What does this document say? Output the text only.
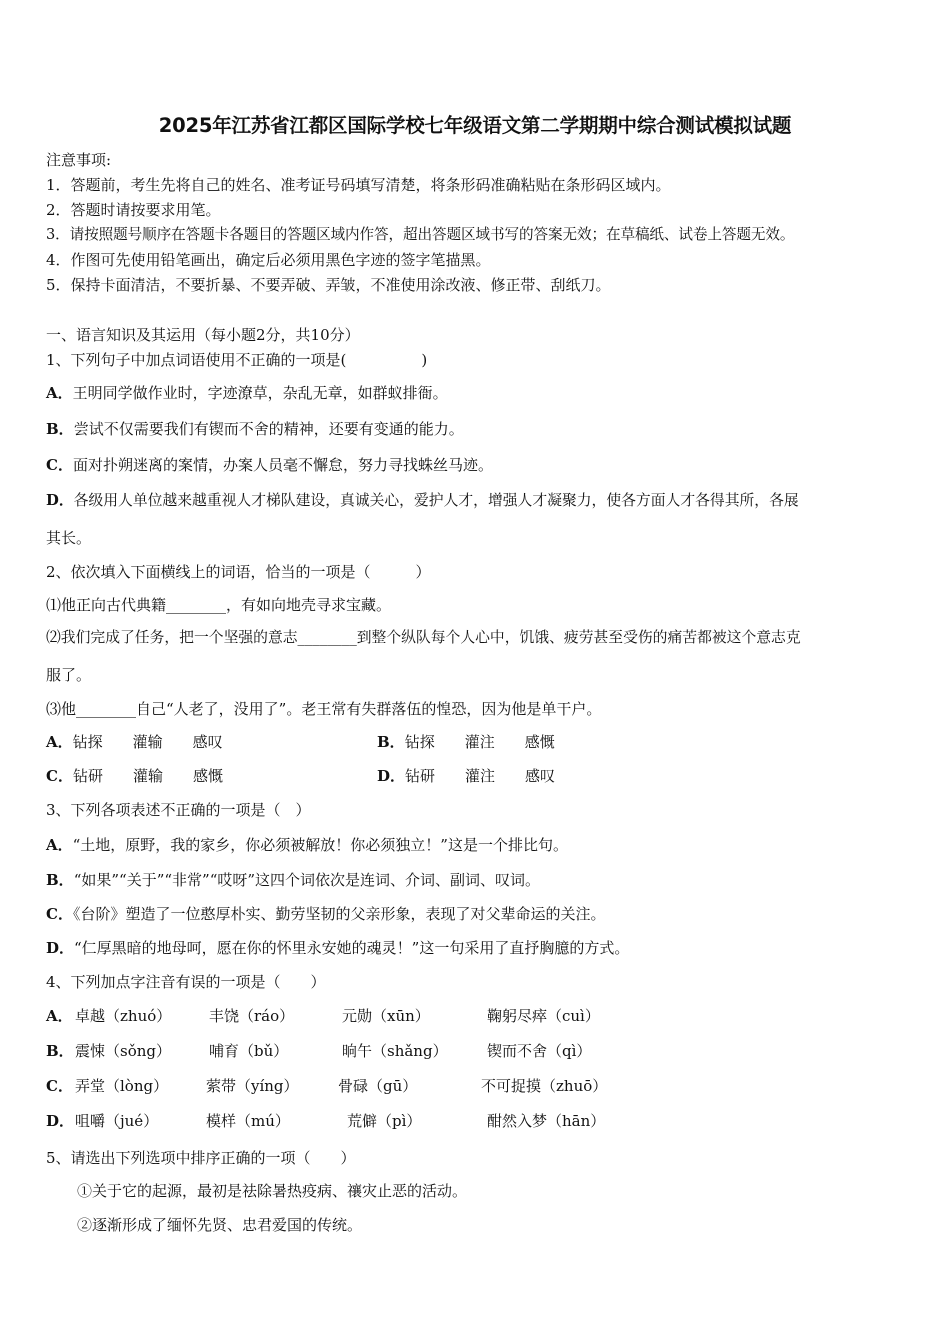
2025年江苏省江都区国际学校七年级语文第二学期期中综合测试模拟试题
注意事项:
1．答题前，考生先将自己的姓名、准考证号码填写清楚，将条形码准确粘贴在条形码区域内。
2．答题时请按要求用笔。
3．请按照题号顺序在答题卡各题目的答题区域内作答，超出答题区域书写的答案无效；在草稿纸、试卷上答题无效。
4．作图可先使用铅笔画出，确定后必须用黑色字迹的签字笔描黑。
5．保持卡面清洁，不要折暴、不要弄破、弄皱，不准使用涂改液、修正带、刮纸刀。
一、语言知识及其运用（每小题2分，共10分）
1、下列句子中加点词语使用不正确的一项是(　　　　　)
A．王明同学做作业时，字迹潦草，杂乱无章，如群蚁排衙。
B．尝试不仅需要我们有锲而不舍的精神，还要有变通的能力。
C．面对扑朔迷离的案情，办案人员毫不懈怠，努力寻找蛛丝马迹。
D．各级用人单位越来越重视人才梯队建设，真诚关心，爱护人才，增强人才凝聚力，使各方面人才各得其所，各展
其长。
2、依次填入下面横线上的词语，恰当的一项是（　　　）
⑴他正向古代典籍________，有如向地壳寻求宝藏。
⑵我们完成了任务，把一个坚强的意志________到整个纵队每个人心中，饥饿、疲劳甚至受伤的痛苦都被这个意志克
服了。
⑶他________自己“人老了，没用了”。老王常有失群落伍的惶恐，因为他是单干户。
A．钻探 灌输 感叹	B．钻探 灌注 感慨
C．钻研 灌输 感慨	D．钻研 灌注 感叹
3、下列各项表述不正确的一项是（　）
A．“土地，原野，我的家乡，你必须被解放！你必须独立！”这是一个排比句。
B．“如果”“关于”“非常”“哎呀”这四个词依次是连词、介词、副词、叹词。
C．《台阶》塑造了一位憨厚朴实、勤劳坚韧的父亲形象，表现了对父辈命运的关注。
D．“仁厚黑暗的地母呵，愿在你的怀里永安她的魂灵！”这一句采用了直抒胸臆的方式。
4、下列加点字注音有误的一项是（　　）
A． 卓越（zhuó）	丰饶（ráo）	元勋（xūn）	鞠躬尽瘁（cuì）
B． 震悚（sǒng）	哺育（bǔ）	晌午（shǎng）	锲而不舍（qì）
C． 弄堂（lòng）	萦带（yíng）	骨碌（gū）	不可捉摸（zhuō）
D． 咀嚼（jué）	模样（mú）	荒僻（pì）	酣然入梦（hān）
5、请选出下列选项中排序正确的一项（　　）
①关于它的起源，最初是祛除暑热疫病、禳灾止恶的活动。
②逐渐形成了缅怀先贤、忠君爱国的传统。
